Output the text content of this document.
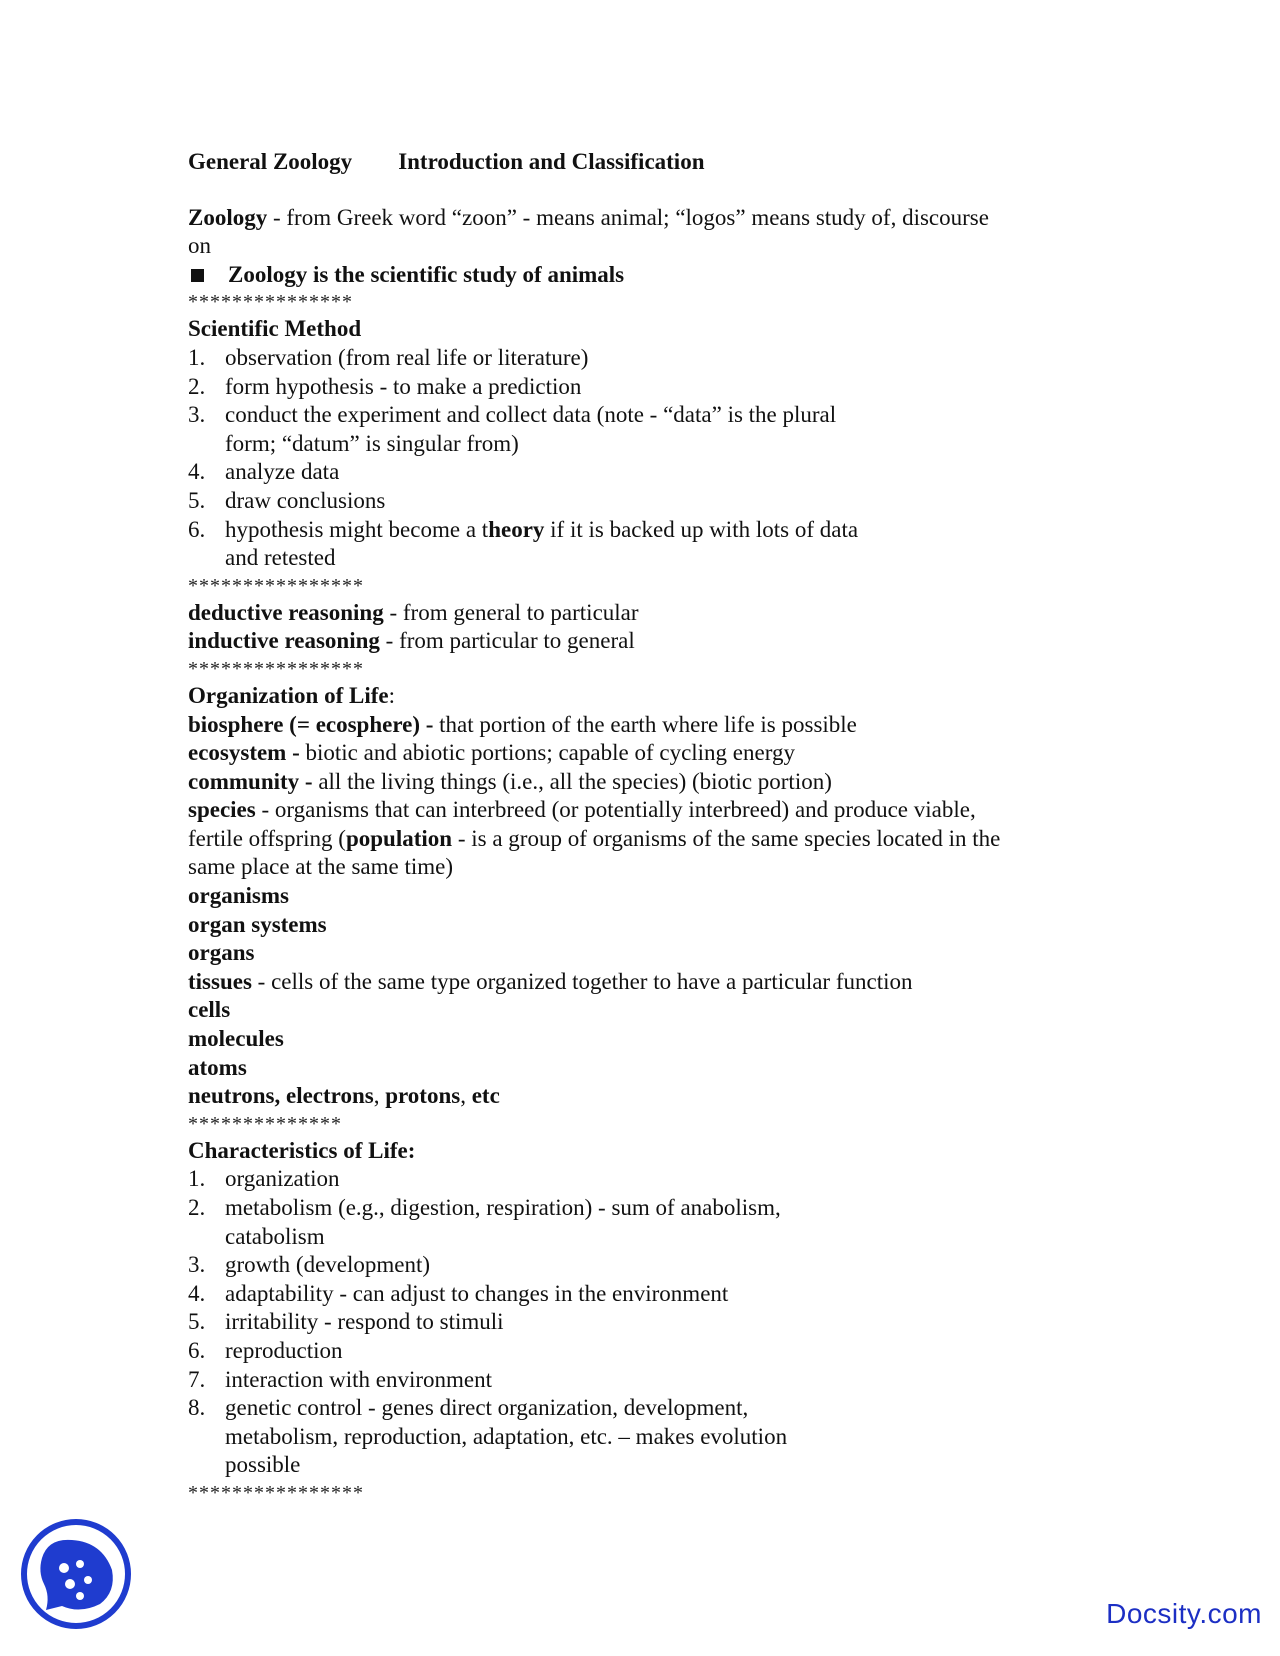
General Zoology Introduction and Classification
Zoology - from Greek word “zoon” - means animal; “logos” means study of, discourse
on
Zoology is the scientific study of animals
***************
Scientific Method
1. observation (from real life or literature)
2. form hypothesis - to make a prediction
3. conduct the experiment and collect data (note - “data” is the plural form; “datum” is singular from)
4. analyze data
5. draw conclusions
6. hypothesis might become a theory if it is backed up with lots of data and retested
****************
deductive reasoning - from general to particular
inductive reasoning - from particular to general
****************
Organization of Life:
biosphere (= ecosphere) - that portion of the earth where life is possible
ecosystem - biotic and abiotic portions; capable of cycling energy
community - all the living things (i.e., all the species) (biotic portion)
species - organisms that can interbreed (or potentially interbreed) and produce viable,
fertile offspring (population - is a group of organisms of the same species located in the
same place at the same time)
organisms
organ systems
organs
tissues - cells of the same type organized together to have a particular function
cells
molecules
atoms
neutrons, electrons, protons, etc
**************
Characteristics of Life:
1. organization
2. metabolism (e.g., digestion, respiration) - sum of anabolism, catabolism
3. growth (development)
4. adaptability - can adjust to changes in the environment
5. irritability - respond to stimuli
6. reproduction
7. interaction with environment
8. genetic control - genes direct organization, development, metabolism, reproduction, adaptation, etc. – makes evolution possible
****************
Docsity.com
